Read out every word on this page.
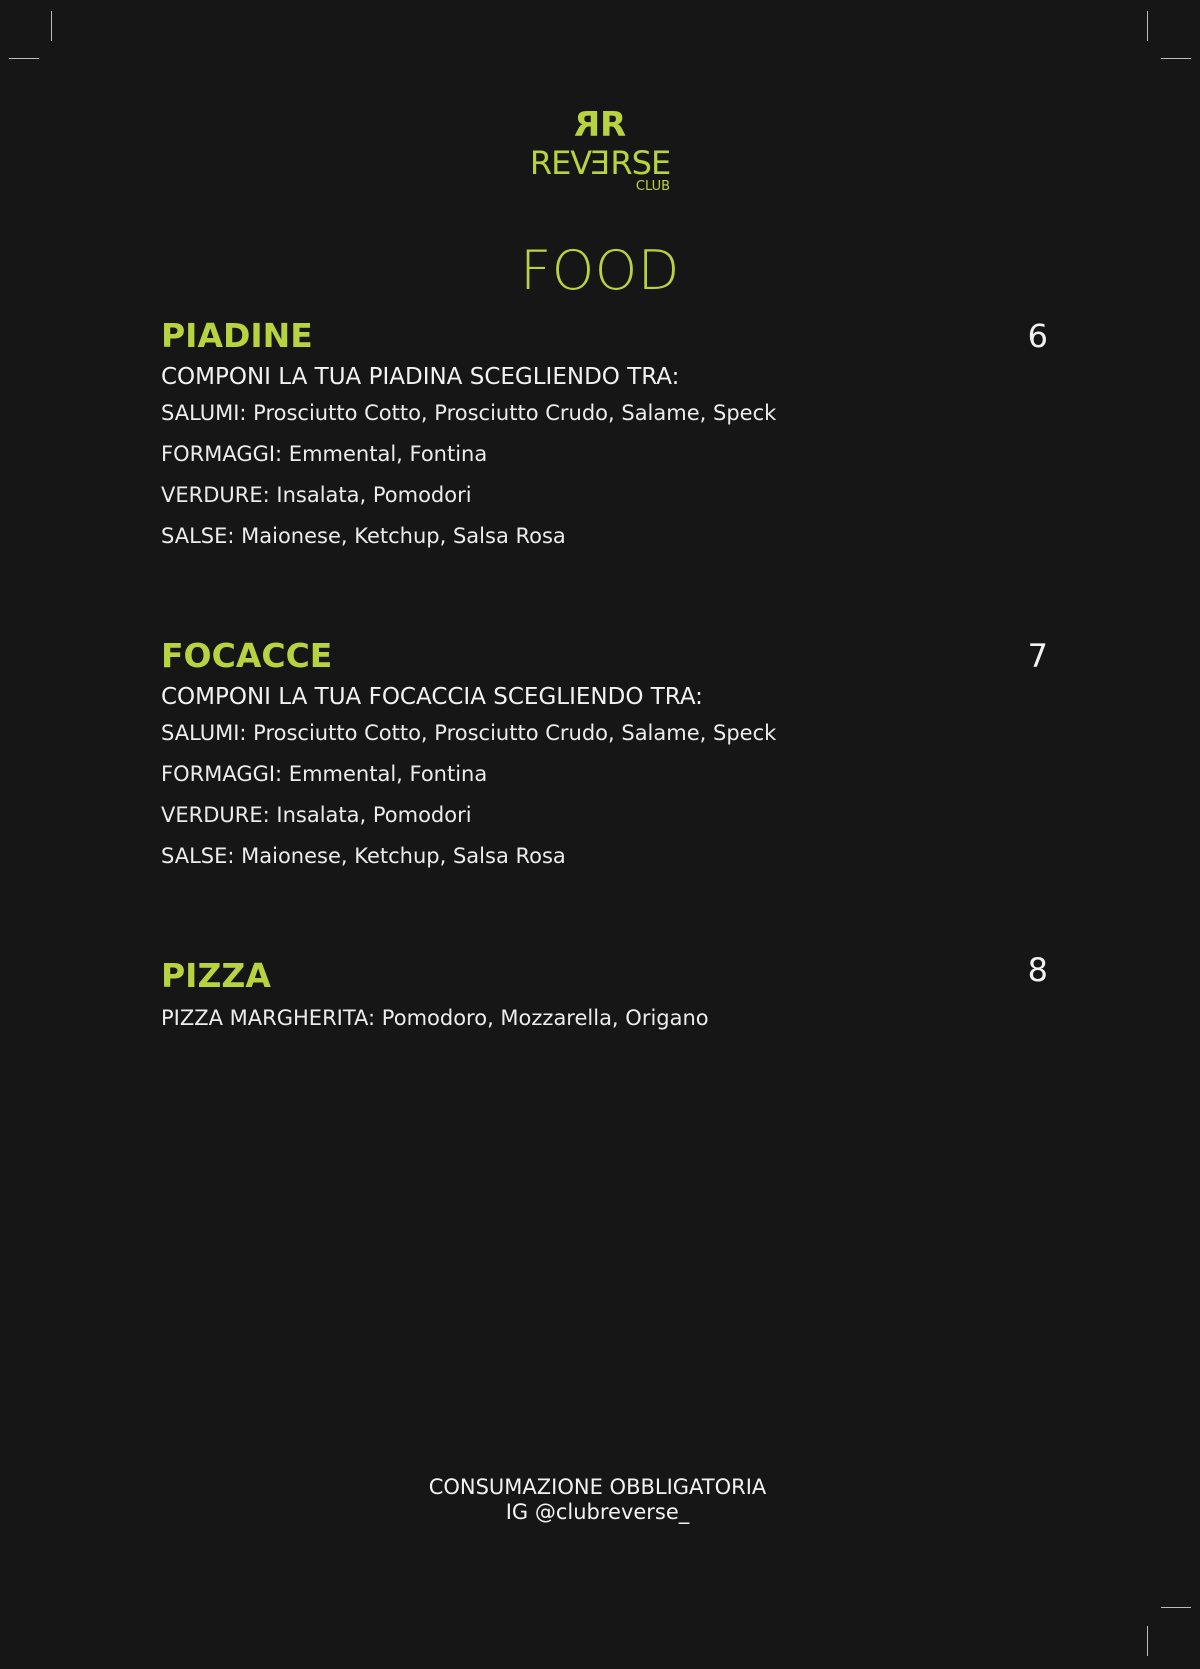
RR
REVERSE
CLUB
FOOD
PIADINE	6
COMPONI LA TUA PIADINA SCEGLIENDO TRA:
SALUMI: Prosciutto Cotto, Prosciutto Crudo, Salame, Speck
FORMAGGI: Emmental, Fontina
VERDURE: Insalata, Pomodori
SALSE: Maionese, Ketchup, Salsa Rosa
FOCACCE	7
COMPONI LA TUA FOCACCIA SCEGLIENDO TRA:
SALUMI: Prosciutto Cotto, Prosciutto Crudo, Salame, Speck
FORMAGGI: Emmental, Fontina
VERDURE: Insalata, Pomodori
SALSE: Maionese, Ketchup, Salsa Rosa
PIZZA	8
PIZZA MARGHERITA: Pomodoro, Mozzarella, Origano
CONSUMAZIONE OBBLIGATORIA
IG @clubreverse_
